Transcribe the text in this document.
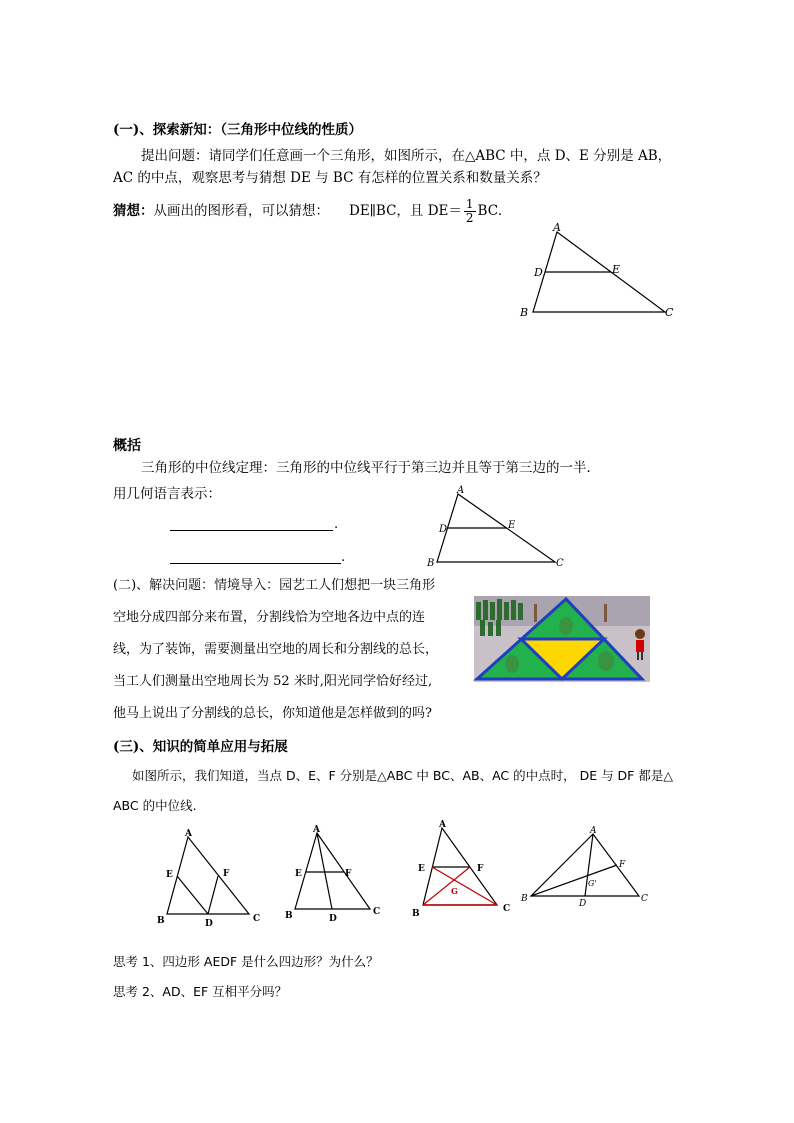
(一)、探索新知：（三角形中位线的性质）
提出问题：请同学们任意画一个三角形，如图所示，在△ABC 中，点 D、E 分别是 AB，
AC 的中点，观察思考与猜想 DE 与 BC 有怎样的位置关系和数量关系？
猜想：从画出的图形看，可以猜想： DE∥BC，且 $DE= \frac{1}{2}$ BC．
A
B	C
D	E
概括
三角形的中位线定理：三角形的中位线平行于第三边并且等于第三边的一半．
用几何语言表示：
.
.
A
B	C
D	E
(二)、解决问题：情境导入：园艺工人们想把一块三角形
空地分成四部分来布置，分割线恰为空地各边中点的连
线，为了装饰，需要测量出空地的周长和分割线的总长，
当工人们测量出空地周长为 52 米时,阳光同学恰好经过,
他马上说出了分割线的总长，你知道他是怎样做到的吗?
(三)、知识的简单应用与拓展
如图所示，我们知道，当点 D、E、F 分别是△ABC 中 BC、AB、AC 的中点时， DE 与 DF 都是△
ABC 的中位线.
A
B	C
D
E	F
A
B	C
D
E	F
A
B	C
E	F
G
A
B	C
D
F
G'
思考 1、四边形 AEDF 是什么四边形？为什么？
思考 2、AD、EF 互相平分吗？
